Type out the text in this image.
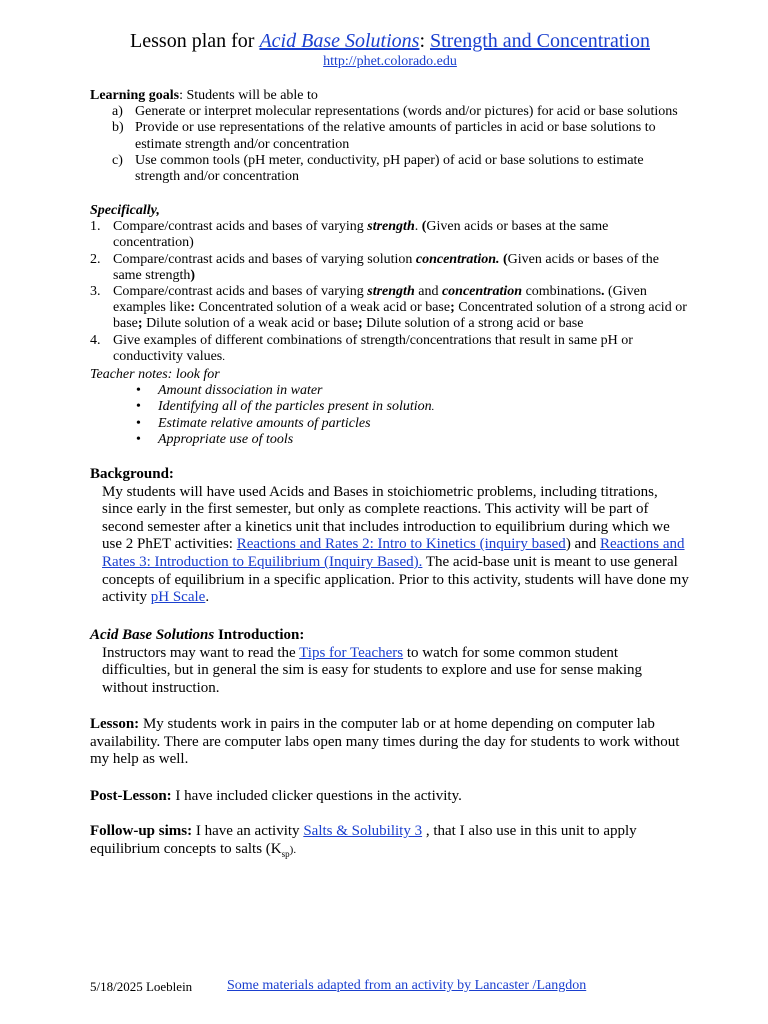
Lesson plan for Acid Base Solutions: Strength and Concentration
http://phet.colorado.edu
Learning goals: Students will be able to
a) Generate or interpret molecular representations (words and/or pictures) for acid or base solutions
b) Provide or use representations of the relative amounts of particles in acid or base solutions to estimate strength and/or concentration
c) Use common tools (pH meter, conductivity, pH paper) of acid or base solutions to estimate strength and/or concentration
Specifically,
1. Compare/contrast acids and bases of varying strength. (Given acids or bases at the same concentration)
2. Compare/contrast acids and bases of varying solution concentration. (Given acids or bases of the same strength)
3. Compare/contrast acids and bases of varying strength and concentration combinations. (Given examples like: Concentrated solution of a weak acid or base; Concentrated solution of a strong acid or base; Dilute solution of a weak acid or base; Dilute solution of a strong acid or base
4. Give examples of different combinations of strength/concentrations that result in same pH or conductivity values.
Teacher notes: look for
• Amount dissociation in water
• Identifying all of the particles present in solution.
• Estimate relative amounts of particles
• Appropriate use of tools
Background:
My students will have used Acids and Bases in stoichiometric problems, including titrations, since early in the first semester, but only as complete reactions. This activity will be part of second semester after a kinetics unit that includes introduction to equilibrium during which we use 2 PhET activities: Reactions and Rates 2: Intro to Kinetics (inquiry based) and Reactions and Rates 3: Introduction to Equilibrium (Inquiry Based). The acid-base unit is meant to use general concepts of equilibrium in a specific application. Prior to this activity, students will have done my activity pH Scale.
Acid Base Solutions Introduction:
Instructors may want to read the Tips for Teachers to watch for some common student difficulties, but in general the sim is easy for students to explore and use for sense making without instruction.
Lesson: My students work in pairs in the computer lab or at home depending on computer lab availability. There are computer labs open many times during the day for students to work without my help as well.
Post-Lesson: I have included clicker questions in the activity.
Follow-up sims: I have an activity Salts & Solubility 3 , that I also use in this unit to apply equilibrium concepts to salts $(K_{sp})$.
5/18/2025 Loeblein Some materials adapted from an activity by Lancaster /Langdon
